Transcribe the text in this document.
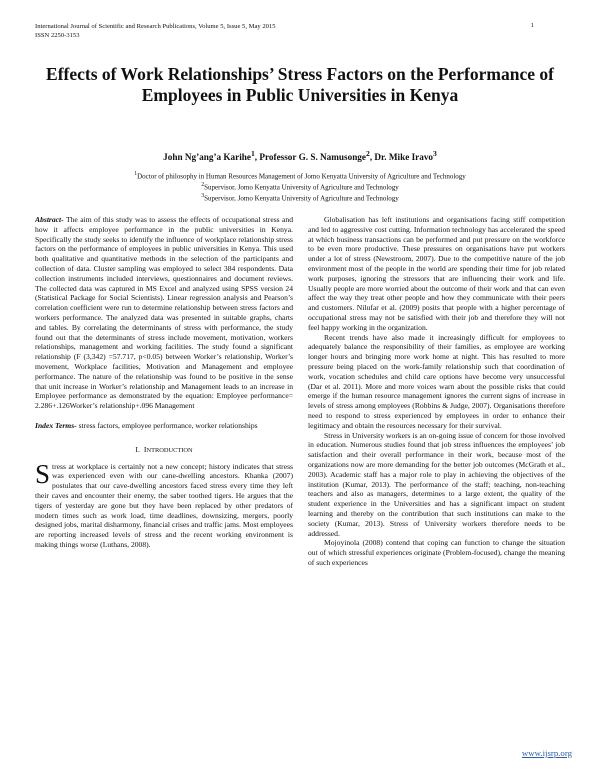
International Journal of Scientific and Research Publications, Volume 5, Issue 5, May 2015
ISSN 2250-3153
1
Effects of Work Relationships’ Stress Factors on the Performance of Employees in Public Universities in Kenya
John Ng’ang’a Karihe$^1$, Professor G. S. Namusonge$^2$, Dr. Mike Iravo$^3$
$^1$Doctor of philosophy in Human Resources Management of Jomo Kenyatta University of Agriculture and Technology
$^2$Supervisor, Jomo Kenyatta University of Agriculture and Technology
$^3$Supervisor, Jomo Kenyatta University of Agriculture and Technology

Abstract- The aim of this study was to assess the effects of occupational stress and how it affects employee performance in the public universities in Kenya. Specifically the study seeks to identify the influence of workplace relationship stress factors on the performance of employees in public universities in Kenya. This used both qualitative and quantitative methods in the selection of the participants and collection of data. Cluster sampling was employed to select 384 respondents. Data collection instruments included interviews, questionnaires and document reviews. The collected data was captured in MS Excel and analyzed using SPSS version 24 (Statistical Package for Social Scientists). Linear regression analysis and Pearson’s correlation coefficient were run to determine relationship between stress factors and workers performance. The analyzed data was presented in suitable graphs, charts and tables. By correlating the determinants of stress with performance, the study found out that the determinants of stress include movement, motivation, workers relationships, management and working facilities. The study found a significant relationship (F (3,342) =57.717, p<0.05) between Worker’s relationship, Worker’s movement, Workplace facilities, Motivation and Management and employee performance. The nature of the relationship was found to be positive in the sense that unit increase in Worker’s relationship and Management leads to an increase in Employee performance as demonstrated by the equation: Employee performance= 2.286+.126Worker’s relationship+.096 Management

Index Terms- stress factors, employee performance, worker relationships

I. INTRODUCTION

Stress at workplace is certainly not a new concept; history indicates that stress was experienced even with our cane-dwelling ancestors. Khanka (2007) postulates that our cave-dwelling ancestors faced stress every time they left their caves and encounter their enemy, the saber toothed tigers. He argues that the tigers of yesterday are gone but they have been replaced by other predators of modern times such as work load, time deadlines, downsizing, mergers, poorly designed jobs, marital disharmony, financial crises and traffic jams. Most employees are reporting increased levels of stress and the recent working environment is making things worse (Luthans, 2008).

Globalisation has left institutions and organisations facing stiff competition and led to aggressive cost cutting. Information technology has accelerated the speed at which business transactions can be performed and put pressure on the workforce to be even more productive. These pressures on organisations have put workers under a lot of stress (Newstroom, 2007). Due to the competitive nature of the job environment most of the people in the world are spending their time for job related work purposes, ignoring the stressors that are influencing their work and life. Usually people are more worried about the outcome of their work and that can even affect the way they treat other people and how they communicate with their peers and customers. Nilufar et al. (2009) posits that people with a higher percentage of occupational stress may not be satisfied with their job and therefore they will not feel happy working in the organization.

Recent trends have also made it increasingly difficult for employees to adequately balance the responsibility of their families, as employee are working longer hours and bringing more work home at night. This has resulted to more pressure being placed on the work-family relationship such that coordination of work, vocation schedules and child care options have become very unsuccessful (Dar et al. 2011). More and more voices warn about the possible risks that could emerge if the human resource management ignores the current signs of increase in levels of stress among employees (Robbins & Judge, 2007). Organisations therefore need to respond to stress experienced by employees in order to enhance their legitimacy and obtain the resources necessary for their survival.

Stress in University workers is an on-going issue of concern for those involved in education. Numerous studies found that job stress influences the employees’ job satisfaction and their overall performance in their work, because most of the organizations now are more demanding for the better job outcomes (McGrath et al., 2003). Academic staff has a major role to play in achieving the objectives of the institution (Kumar, 2013). The performance of the staff; teaching, non-teaching teachers and also as managers, determines to a large extent, the quality of the student experience in the Universities and has a significant impact on student learning and thereby on the contribution that such institutions can make to the society (Kumar, 2013). Stress of University workers therefore needs to be addressed.

Mojoyinola (2008) contend that coping can function to change the situation out of which stressful experiences originate (Problem-focused), change the meaning of such experiences

www.ijsrp.org
